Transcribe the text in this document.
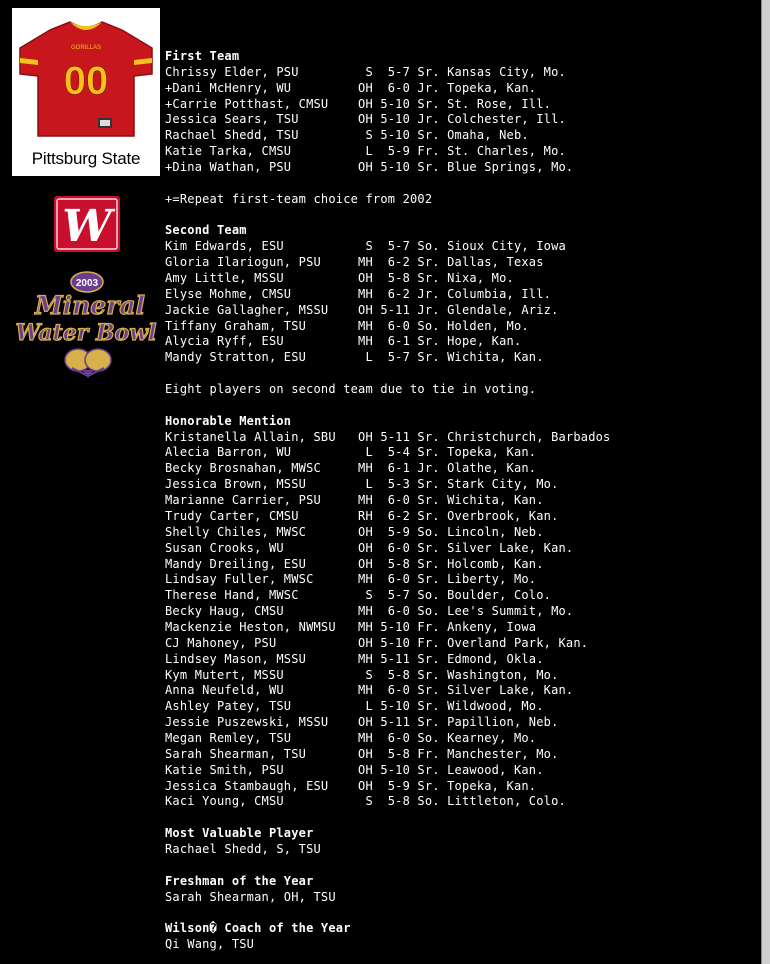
00
GORILLAS
Pittsburg State
W
2003
Mineral
Water Bowl
First Team
Chrissy Elder, PSU         S  5-7 Sr. Kansas City, Mo.
+Dani McHenry, WU         OH  6-0 Jr. Topeka, Kan.
+Carrie Potthast, CMSU    OH 5-10 Sr. St. Rose, Ill.
Jessica Sears, TSU        OH 5-10 Jr. Colchester, Ill.
Rachael Shedd, TSU         S 5-10 Sr. Omaha, Neb.
Katie Tarka, CMSU          L  5-9 Fr. St. Charles, Mo.
+Dina Wathan, PSU         OH 5-10 Sr. Blue Springs, Mo.
+=Repeat first-team choice from 2002
Second Team
Kim Edwards, ESU           S  5-7 So. Sioux City, Iowa
Gloria Ilariogun, PSU     MH  6-2 Sr. Dallas, Texas
Amy Little, MSSU          OH  5-8 Sr. Nixa, Mo.
Elyse Mohme, CMSU         MH  6-2 Jr. Columbia, Ill.
Jackie Gallagher, MSSU    OH 5-11 Jr. Glendale, Ariz.
Tiffany Graham, TSU       MH  6-0 So. Holden, Mo.
Alycia Ryff, ESU          MH  6-1 Sr. Hope, Kan.
Mandy Stratton, ESU        L  5-7 Sr. Wichita, Kan.
Eight players on second team due to tie in voting.
Honorable Mention
Kristanella Allain, SBU   OH 5-11 Sr. Christchurch, Barbados
Alecia Barron, WU          L  5-4 Sr. Topeka, Kan.
Becky Brosnahan, MWSC     MH  6-1 Jr. Olathe, Kan.
Jessica Brown, MSSU        L  5-3 Sr. Stark City, Mo.
Marianne Carrier, PSU     MH  6-0 Sr. Wichita, Kan.
Trudy Carter, CMSU        RH  6-2 Sr. Overbrook, Kan.
Shelly Chiles, MWSC       OH  5-9 So. Lincoln, Neb.
Susan Crooks, WU          OH  6-0 Sr. Silver Lake, Kan.
Mandy Dreiling, ESU       OH  5-8 Sr. Holcomb, Kan.
Lindsay Fuller, MWSC      MH  6-0 Sr. Liberty, Mo.
Therese Hand, MWSC         S  5-7 So. Boulder, Colo.
Becky Haug, CMSU          MH  6-0 So. Lee's Summit, Mo.
Mackenzie Heston, NWMSU   MH 5-10 Fr. Ankeny, Iowa
CJ Mahoney, PSU           OH 5-10 Fr. Overland Park, Kan.
Lindsey Mason, MSSU       MH 5-11 Sr. Edmond, Okla.
Kym Mutert, MSSU           S  5-8 Sr. Washington, Mo.
Anna Neufeld, WU          MH  6-0 Sr. Silver Lake, Kan.
Ashley Patey, TSU          L 5-10 Sr. Wildwood, Mo.
Jessie Puszewski, MSSU    OH 5-11 Sr. Papillion, Neb.
Megan Remley, TSU         MH  6-0 So. Kearney, Mo.
Sarah Shearman, TSU       OH  5-8 Fr. Manchester, Mo.
Katie Smith, PSU          OH 5-10 Sr. Leawood, Kan.
Jessica Stambaugh, ESU    OH  5-9 Sr. Topeka, Kan.
Kaci Young, CMSU           S  5-8 So. Littleton, Colo.
Most Valuable Player
Rachael Shedd, S, TSU
Freshman of the Year
Sarah Shearman, OH, TSU
Wilson� Coach of the Year
Qi Wang, TSU
